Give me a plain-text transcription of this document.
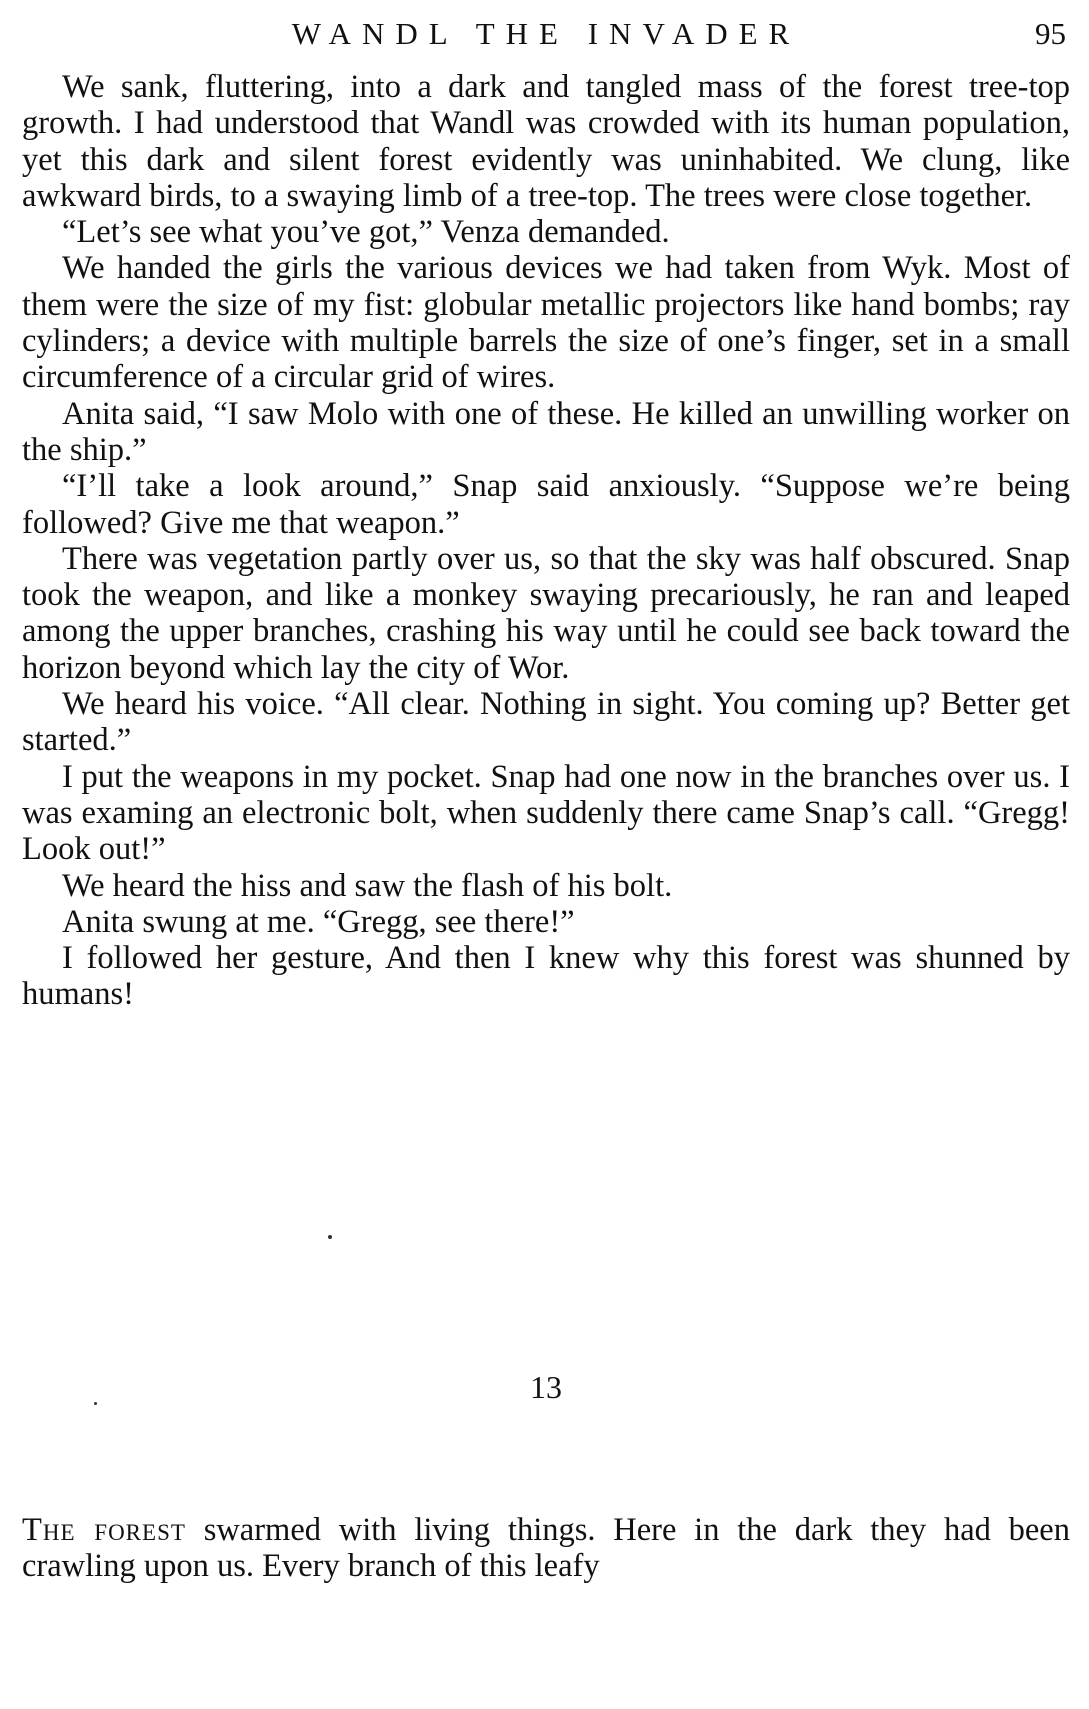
WANDL THE INVADER	95

We sank, fluttering, into a dark and tangled mass of the forest tree-top growth. I had understood that Wandl was crowded with its human population, yet this dark and silent forest evidently was uninhabited. We clung, like awkward birds, to a swaying limb of a tree-top. The trees were close together.

“Let’s see what you’ve got,” Venza demanded.

We handed the girls the various devices we had taken from Wyk. Most of them were the size of my fist: globular metallic projectors like hand bombs; ray cylinders; a device with multiple barrels the size of one’s finger, set in a small circumference of a circular grid of wires.

Anita said, “I saw Molo with one of these. He killed an unwilling worker on the ship.”

“I’ll take a look around,” Snap said anxiously. “Suppose we’re being followed? Give me that weapon.”

There was vegetation partly over us, so that the sky was half obscured. Snap took the weapon, and like a monkey swaying precariously, he ran and leaped among the upper branches, crashing his way until he could see back toward the horizon beyond which lay the city of Wor.

We heard his voice. “All clear. Nothing in sight. You coming up? Better get started.”

I put the weapons in my pocket. Snap had one now in the branches over us. I was examing an electronic bolt, when suddenly there came Snap’s call. “Gregg! Look out!”

We heard the hiss and saw the flash of his bolt.

Anita swung at me. “Gregg, see there!”

I followed her gesture, And then I knew why this forest was shunned by humans!

13

The forest swarmed with living things. Here in the dark they had been crawling upon us. Every branch of this leafy
